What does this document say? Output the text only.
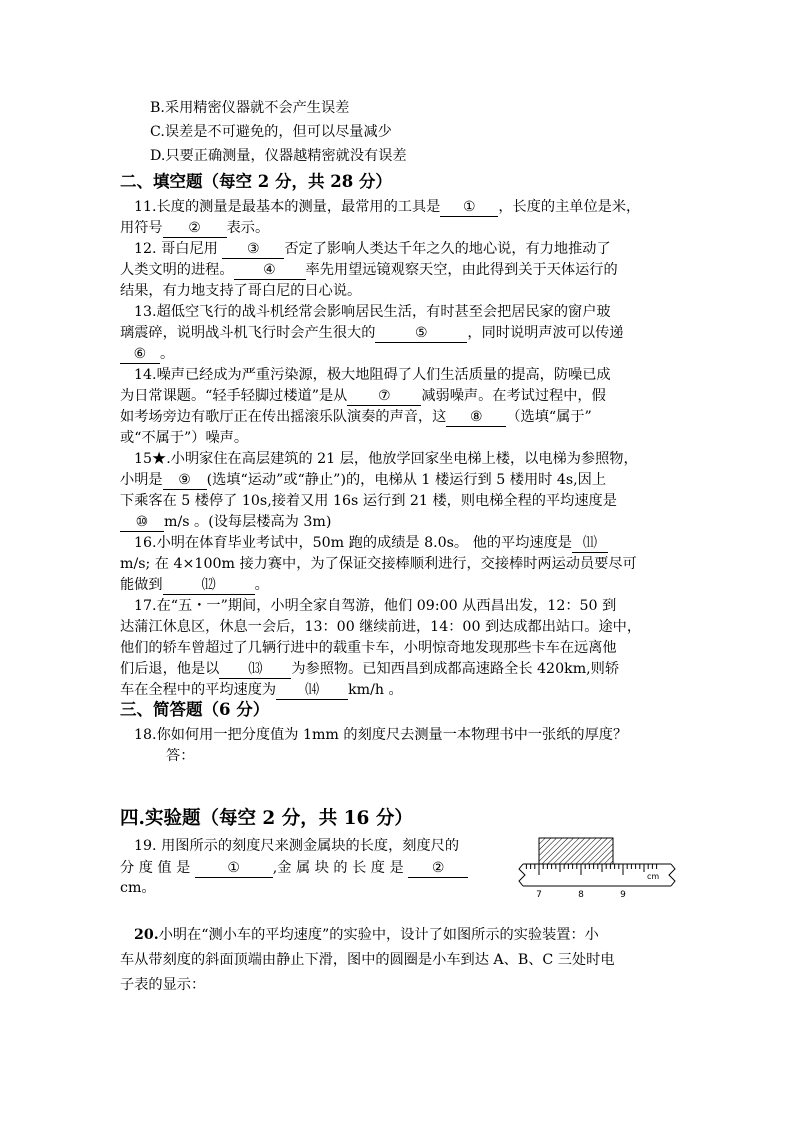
B.采用精密仪器就不会产生误差
C.误差是不可避免的，但可以尽量减少
D.只要正确测量，仪器越精密就没有误差
二、填空题（每空 2 分，共 28 分）
11.长度的测量是最基本的测量，最常用的工具是 ① ，长度的主单位是米，
用符号 ② 表示。
12. 哥白尼用 ③ 否定了影响人类达千年之久的地心说，有力地推动了
人类文明的进程。 ④ 率先用望远镜观察天空，由此得到关于天体运行的
结果，有力地支持了哥白尼的日心说。
13.超低空飞行的战斗机经常会影响居民生活，有时甚至会把居民家的窗户玻
璃震碎，说明战斗机飞行时会产生很大的	⑤	，同时说明声波可以传递
⑥ 。
14.噪声已经成为严重污染源，极大地阻碍了人们生活质量的提高，防噪已成
为日常课题。“轻手轻脚过楼道”是从 ⑦ 减弱噪声。在考试过程中，假
如考场旁边有歌厅正在传出摇滚乐队演奏的声音，这 ⑧ （选填“属于”
或“不属于”）噪声。
15★.小明家住在高层建筑的 21 层，他放学回家坐电梯上楼，以电梯为参照物，
小明是 ⑨ (选填“运动”或“静止”)的，电梯从 1 楼运行到 5 楼用时 4s,因上
下乘客在 5 楼停了 10s,接着又用 16s 运行到 21 楼，则电梯全程的平均速度是
⑩ m/s 。(设每层楼高为 3m)
16.小明在体育毕业考试中，50m 跑的成绩是 8.0s。 他的平均速度是 ⑾
m/s; 在 4×100m 接力赛中，为了保证交接棒顺利进行，交接棒时两运动员要尽可
能做到	⑿	。
17.在“五・一”期间，小明全家自驾游，他们 09:00 从西昌出发，12：50 到
达蒲江休息区，休息一会后，13：00 继续前进，14：00 到达成都出站口。途中，
他们的轿车曾超过了几辆行进中的载重卡车，小明惊奇地发现那些卡车在远离他
们后退，他是以 ⒀ 为参照物。已知西昌到成都高速路全长 420km,则轿
车在全程中的平均速度为 ⒁ km/h 。
三、简答题（6 分）
18.你如何用一把分度值为 1mm 的刻度尺去测量一本物理书中一张纸的厚度？
答：
四.实验题（每空 2 分，共 16 分）
19. 用图所示的刻度尺来测金属块的长度，刻度尺的
分 度 值 是 ① ,金 属 块 的 长 度 是 ②
cm。	7	8	9
cm
20.小明在“测小车的平均速度”的实验中，设计了如图所示的实验装置：小
车从带刻度的斜面顶端由静止下滑，图中的圆圈是小车到达 A、B、C 三处时电
子表的显示：
